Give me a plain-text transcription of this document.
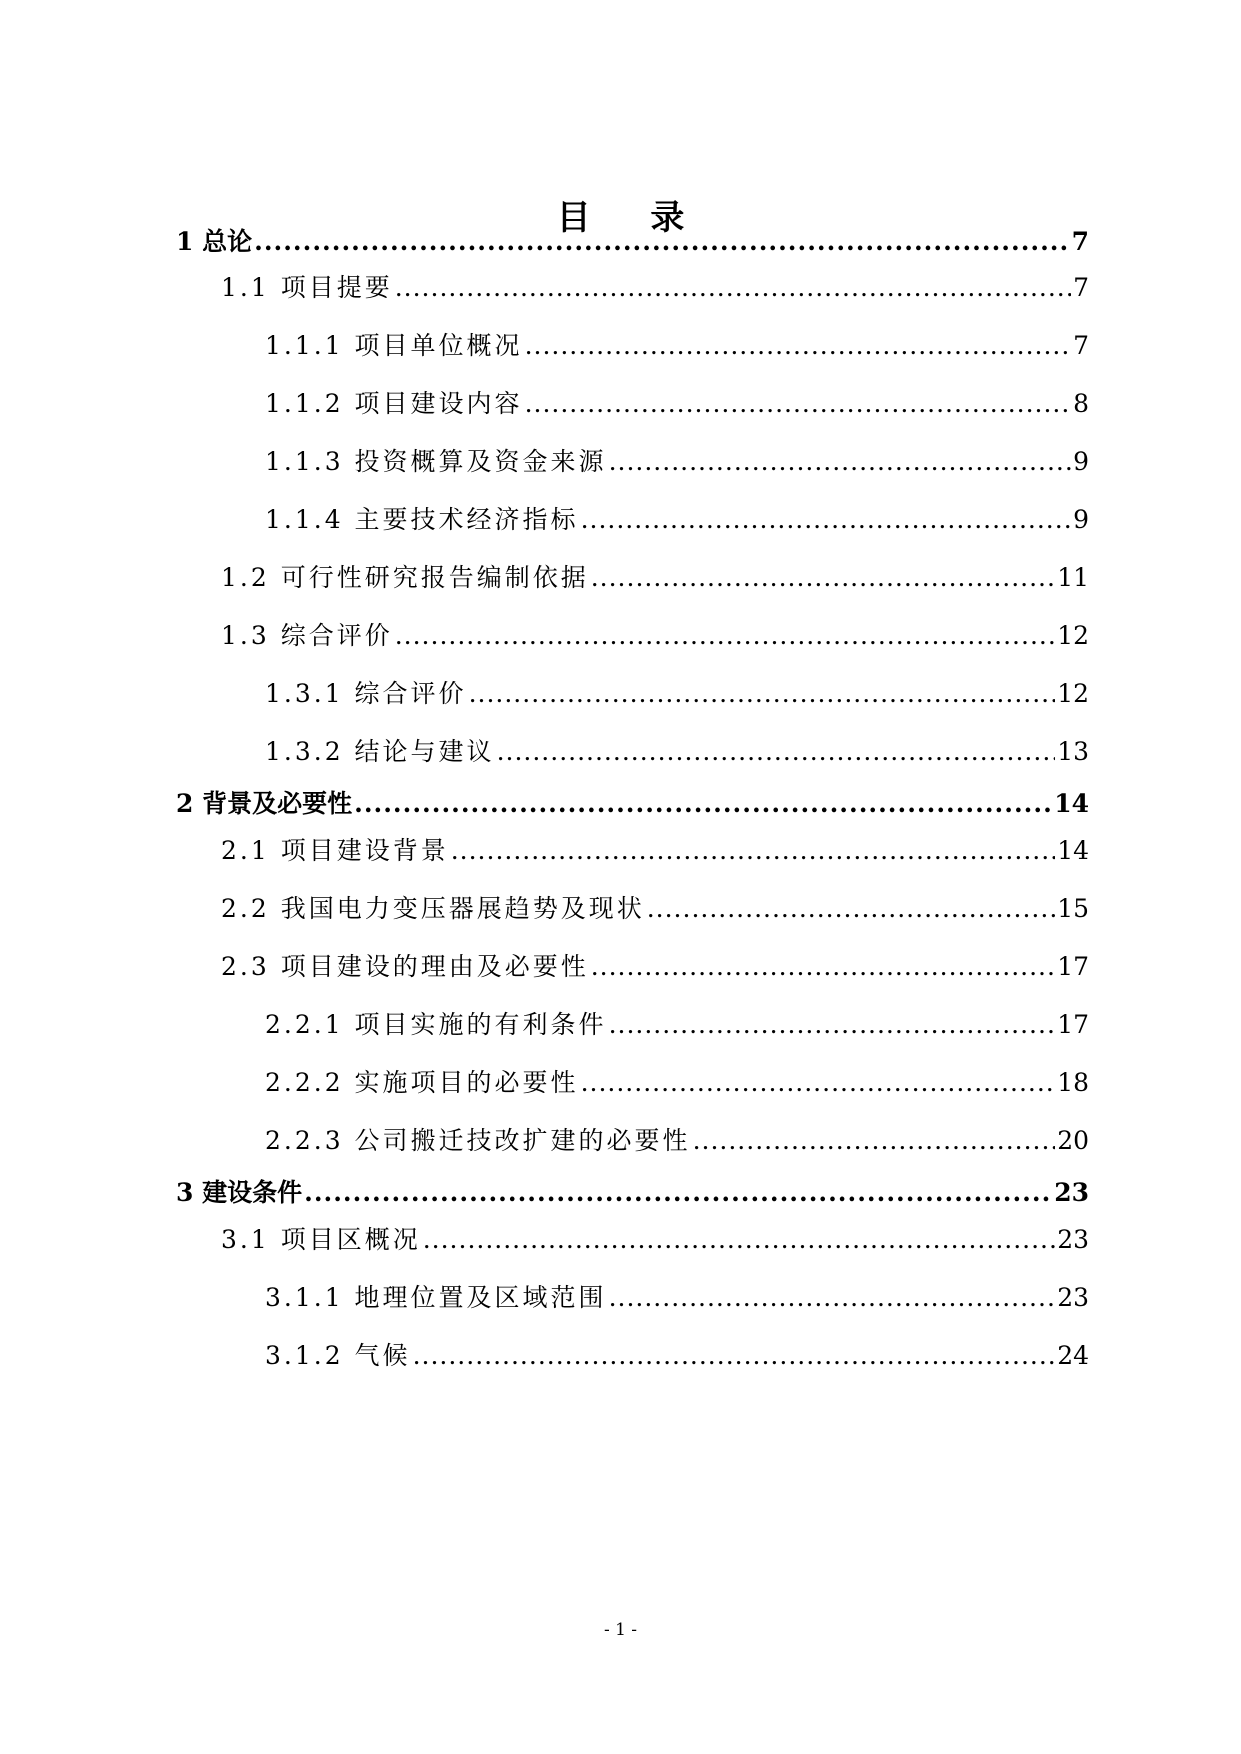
目 录
1 总论 .....	7
1.1 项目提要 .....	7
1.1.1 项目单位概况 .....	7
1.1.2 项目建设内容 .....	8
1.1.3 投资概算及资金来源 .....	9
1.1.4 主要技术经济指标 .....	9
1.2 可行性研究报告编制依据 .....	11
1.3 综合评价 .....	12
1.3.1 综合评价 .....	12
1.3.2 结论与建议 .....	13
2 背景及必要性 .....	14
2.1 项目建设背景 .....	14
2.2 我国电力变压器展趋势及现状 .....	15
2.3 项目建设的理由及必要性 .....	17
2.2.1 项目实施的有利条件 .....	17
2.2.2 实施项目的必要性 .....	18
2.2.3 公司搬迁技改扩建的必要性 .....	20
3 建设条件 .....	23
3.1 项目区概况 .....	23
3.1.1 地理位置及区域范围 .....	23
3.1.2 气候 .....	24
- 1 -
